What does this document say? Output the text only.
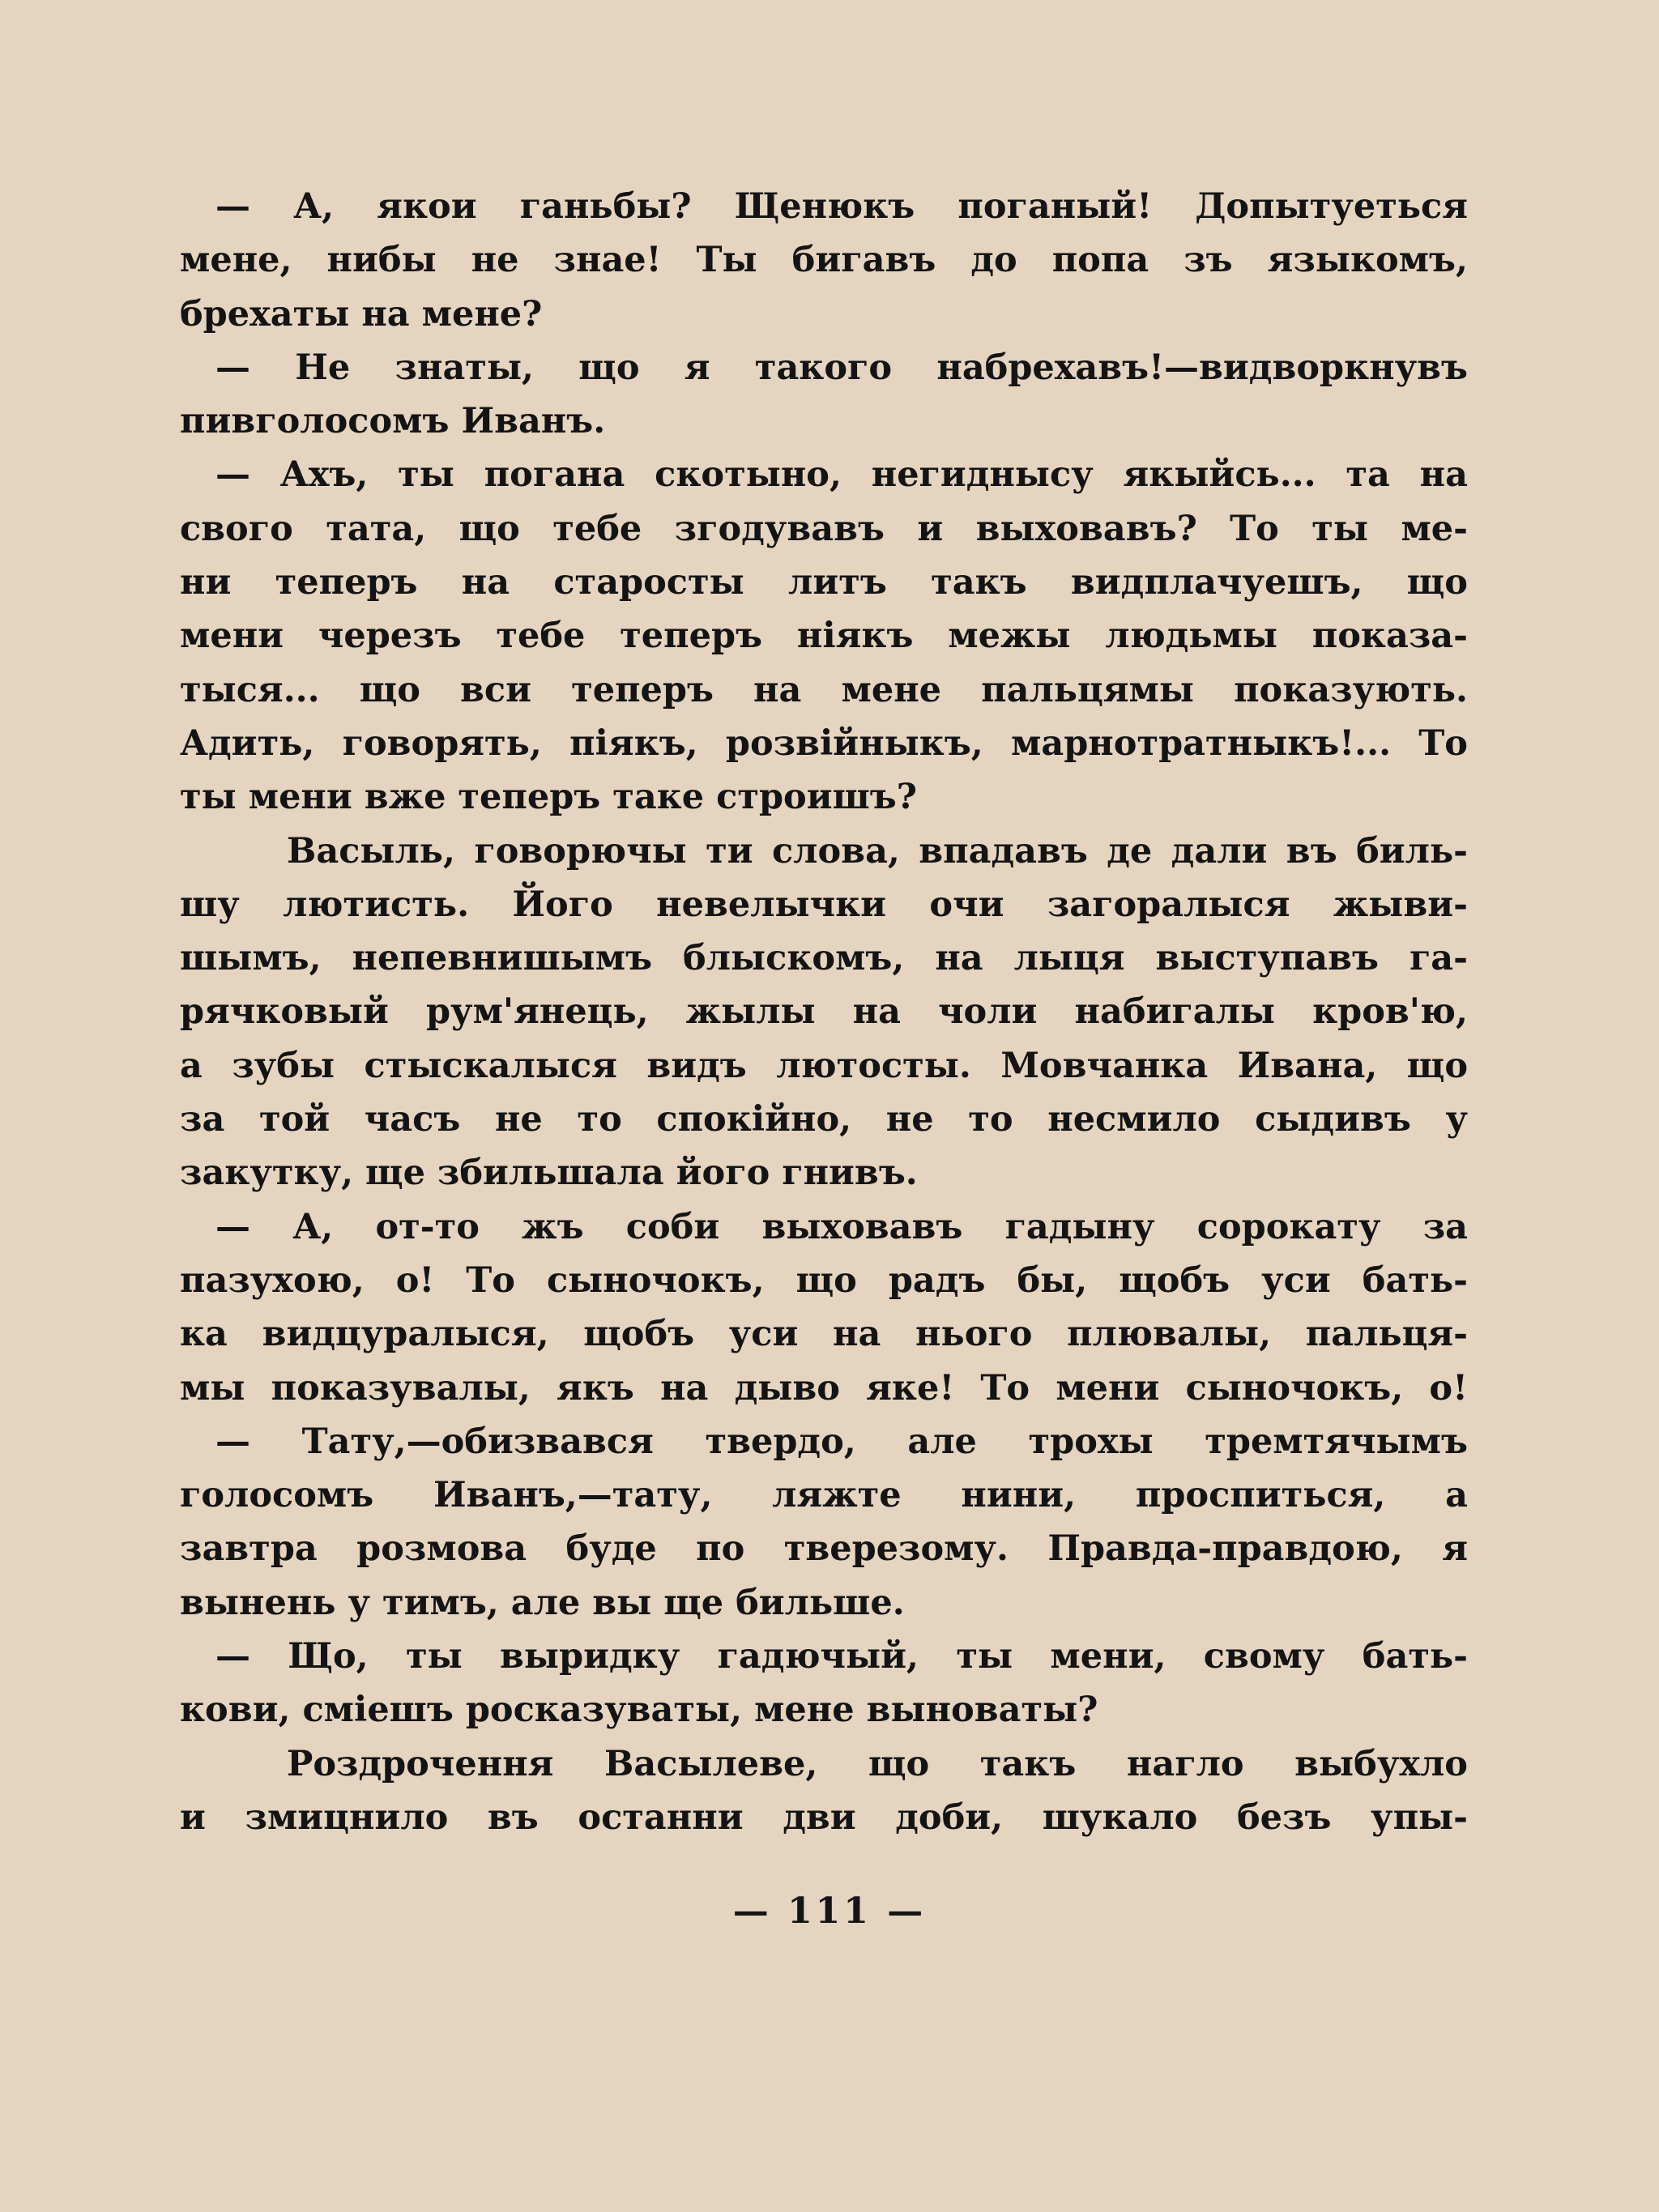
— А, якои ганьбы? Щенюкъ поганый! Допытуеться
мене, нибы не знае! Ты бигавъ до попа зъ языкомъ,
брехаты на мене?
— Не знаты, що я такого набрехавъ!—видворкнувъ
пивголосомъ Иванъ.
— Ахъ, ты погана скотыно, негиднысу якыйсь... та на
свого тата, що тебе згодувавъ и выховавъ? То ты ме-
ни теперъ на старосты литъ такъ видплачуешъ, що
мени черезъ тебе теперъ ніякъ межы людьмы показа-
тыся... що вси теперъ на мене пальцямы показують.
Адить, говорять, пiякъ, розвiйныкъ, марнотратныкъ!... То
ты мени вже теперъ таке строишъ?
Васыль, говорючы ти слова, впадавъ де дали въ биль-
шу лютисть. Його невелычки очи загоралыся жыви-
шымъ, непевнишымъ блыскомъ, на лыця выступавъ га-
рячковый рум'янець, жылы на чоли набигалы кров'ю,
а зубы стыскалыся видъ лютосты. Мовчанка Ивана, що
за той часъ не то спокiйно, не то несмило сыдивъ у
закутку, ще збильшала його гнивъ.
— А, от-то жъ соби выховавъ гадыну сорокату за
пазухою, о! То сыночокъ, що радъ бы, щобъ уси бать-
ка видцуралыся, щобъ уси на нього плювалы, пальця-
мы показувалы, якъ на дыво яке! То мени сыночокъ, о!
— Тату,—обизвався твердо, але трохы тремтячымъ
голосомъ Иванъ,—тату, ляжте нини, проспиться, а
завтра розмова буде по тверезому. Правда-правдою, я
вынень у тимъ, але вы ще бильше.
— Що, ты выридку гадючый, ты мени, свому бать-
кови, смiешъ росказуваты, мене выноваты?
Роздрочення Васылеве, що такъ нагло выбухло
и змицнило въ останни дви доби, шукало безъ упы-
— 111 —
